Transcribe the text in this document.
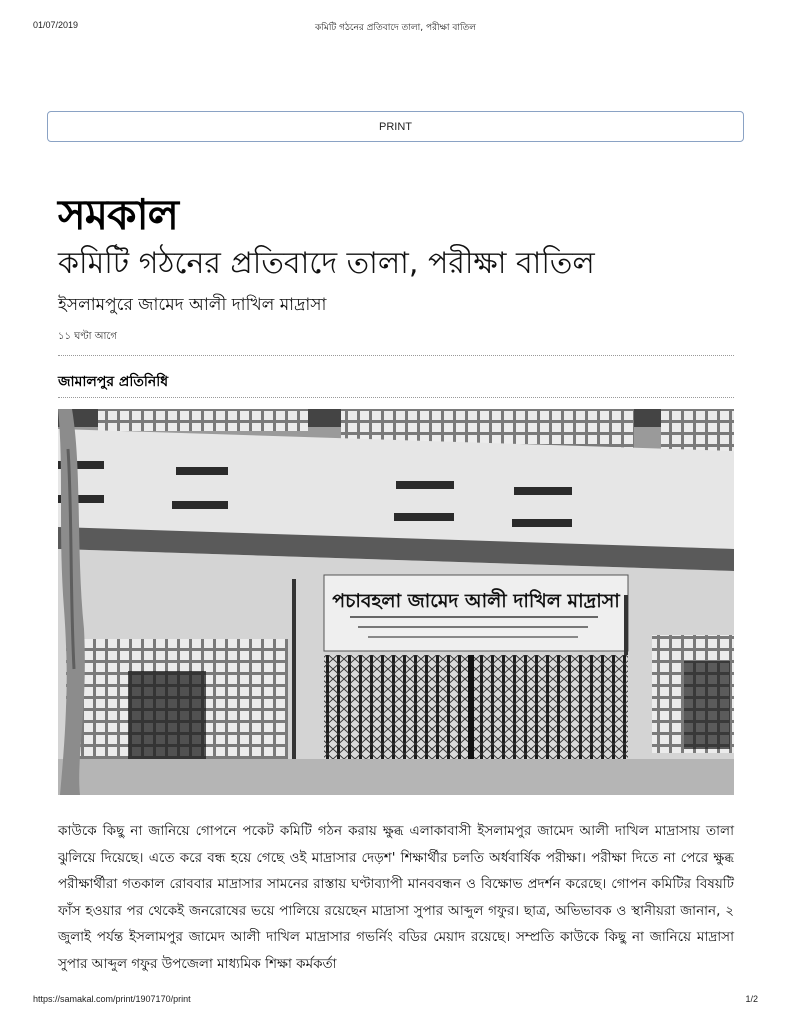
01/07/2019	কমিটি গঠনের প্রতিবাদে তালা, পরীক্ষা বাতিল
PRINT
সমকাল
কমিটি গঠনের প্রতিবাদে তালা, পরীক্ষা বাতিল
ইসলামপুরে জামেদ আলী দাখিল মাদ্রাসা
১১ ঘণ্টা আগে
জামালপুর প্রতিনিধি
পচাবহলা জামেদ আলী দাখিল মাদ্রাসা

কাউকে কিছু না জানিয়ে গোপনে পকেট কমিটি গঠন করায় ক্ষুব্ধ এলাকাবাসী ইসলামপুর জামেদ আলী দাখিল মাদ্রাসায় তালা ঝুলিয়ে দিয়েছে। এতে করে বন্ধ হয়ে গেছে ওই মাদ্রাসার দেড়শ' শিক্ষার্থীর চলতি অর্ধবার্ষিক পরীক্ষা। পরীক্ষা দিতে না পেরে ক্ষুব্ধ পরীক্ষার্থীরা গতকাল রোববার মাদ্রাসার সামনের রাস্তায় ঘণ্টাব্যাপী মানববন্ধন ও বিক্ষোভ প্রদর্শন করেছে। গোপন কমিটির বিষয়টি ফাঁস হওয়ার পর থেকেই জনরোষের ভয়ে পালিয়ে রয়েছেন মাদ্রাসা সুপার আব্দুল গফুর। ছাত্র, অভিভাবক ও স্থানীয়রা জানান, ২ জুলাই পর্যন্ত ইসলামপুর জামেদ আলী দাখিল মাদ্রাসার গভর্নিং বডির মেয়াদ রয়েছে। সম্প্রতি কাউকে কিছু না জানিয়ে মাদ্রাসা সুপার আব্দুল গফুর উপজেলা মাধ্যমিক শিক্ষা কর্মকর্তা

https://samakal.com/print/1907170/print	1/2
